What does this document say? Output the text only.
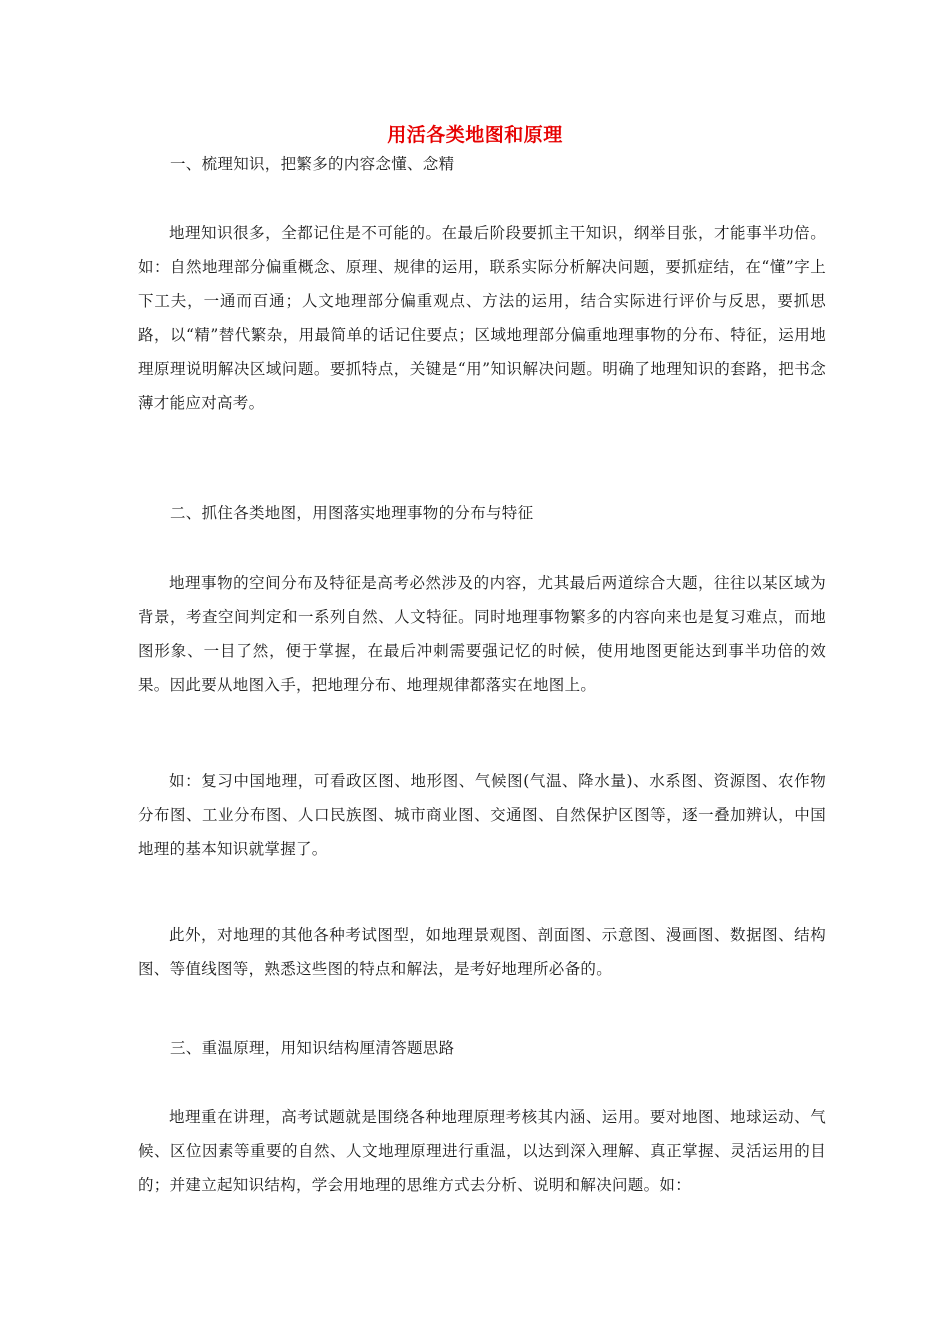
用活各类地图和原理
一、梳理知识，把繁多的内容念懂、念精

地理知识很多，全都记住是不可能的。在最后阶段要抓主干知识，纲举目张，才能事半功倍。如：自然地理部分偏重概念、原理、规律的运用，联系实际分析解决问题，要抓症结，在“懂”字上下工夫，一通而百通；人文地理部分偏重观点、方法的运用，结合实际进行评价与反思，要抓思路，以“精”替代繁杂，用最简单的话记住要点；区域地理部分偏重地理事物的分布、特征，运用地理原理说明解决区域问题。要抓特点，关键是“用”知识解决问题。明确了地理知识的套路，把书念薄才能应对高考。

二、抓住各类地图，用图落实地理事物的分布与特征

地理事物的空间分布及特征是高考必然涉及的内容，尤其最后两道综合大题，往往以某区域为背景，考查空间判定和一系列自然、人文特征。同时地理事物繁多的内容向来也是复习难点，而地图形象、一目了然，便于掌握，在最后冲刺需要强记忆的时候，使用地图更能达到事半功倍的效果。因此要从地图入手，把地理分布、地理规律都落实在地图上。

如：复习中国地理，可看政区图、地形图、气候图(气温、降水量)、水系图、资源图、农作物分布图、工业分布图、人口民族图、城市商业图、交通图、自然保护区图等，逐一叠加辨认，中国地理的基本知识就掌握了。

此外，对地理的其他各种考试图型，如地理景观图、剖面图、示意图、漫画图、数据图、结构图、等值线图等，熟悉这些图的特点和解法，是考好地理所必备的。

三、重温原理，用知识结构厘清答题思路

地理重在讲理，高考试题就是围绕各种地理原理考核其内涵、运用。要对地图、地球运动、气候、区位因素等重要的自然、人文地理原理进行重温，以达到深入理解、真正掌握、灵活运用的目的；并建立起知识结构，学会用地理的思维方式去分析、说明和解决问题。如：
